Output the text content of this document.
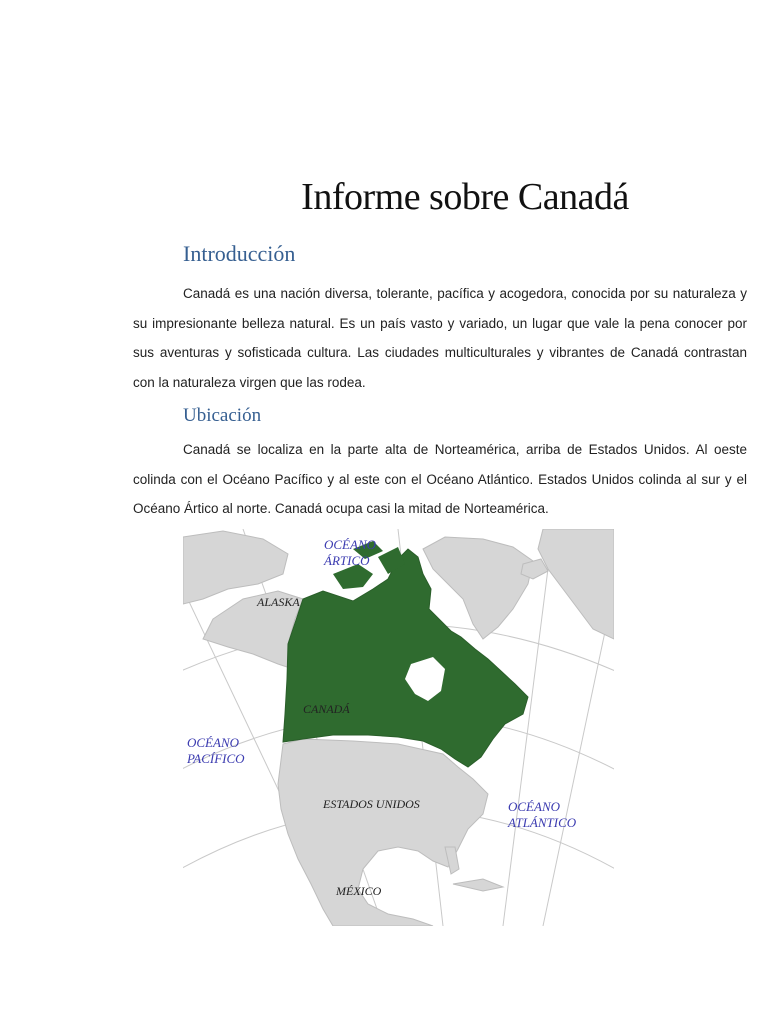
Informe sobre Canadá
Introducción

Canadá es una nación diversa, tolerante, pacífica y acogedora, conocida por su naturaleza y su impresionante belleza natural. Es un país vasto y variado, un lugar que vale la pena conocer por sus aventuras y sofisticada cultura. Las ciudades multiculturales y vibrantes de Canadá contrastan con la naturaleza virgen que las rodea.

Ubicación

Canadá se localiza en la parte alta de Norteamérica, arriba de Estados Unidos. Al oeste colinda con el Océano Pacífico y al este con el Océano Atlántico. Estados Unidos colinda al sur y el Océano Ártico al norte. Canadá ocupa casi la mitad de Norteamérica.

OCÉANO
ÁRTICO
ALASKA
CANADÁ
OCÉANO
PACÍFICO
ESTADOS UNIDOS	OCÉANO
ATLÁNTICO
MÉXICO
